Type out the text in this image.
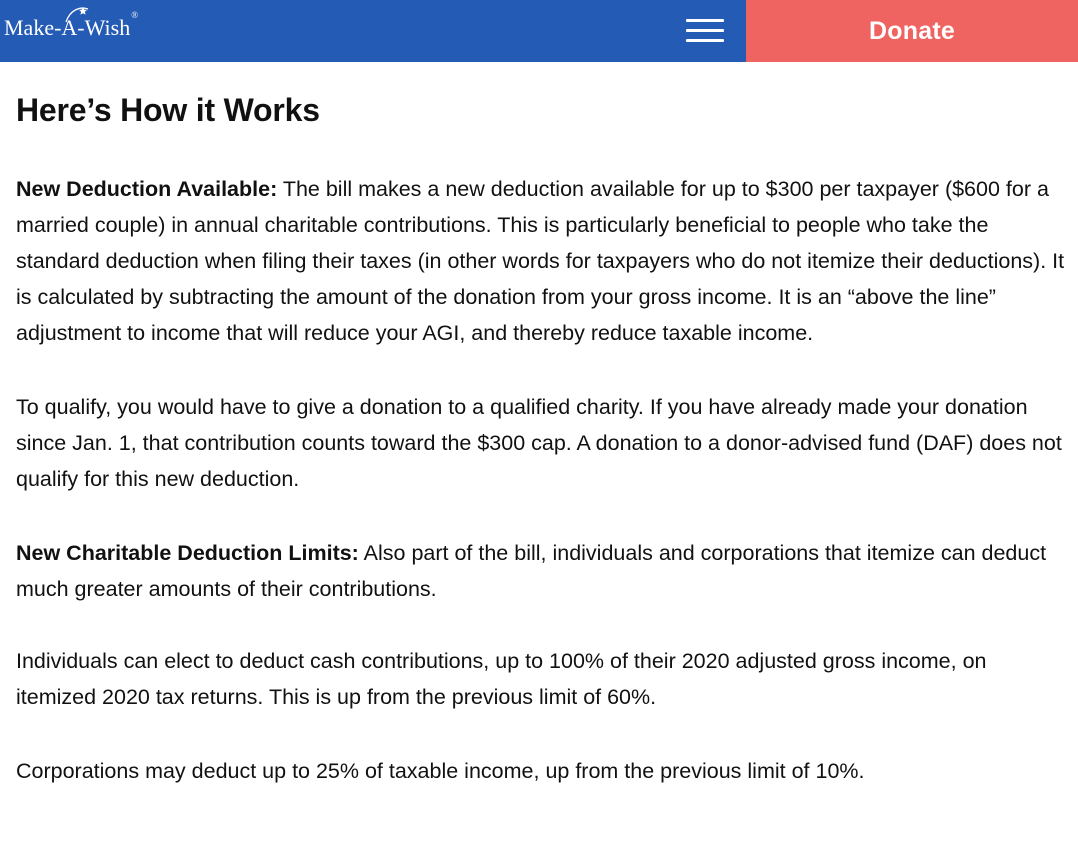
Make-A-Wish®
Donate
Here’s How it Works

New Deduction Available: The bill makes a new deduction available for up to $300 per taxpayer ($600 for a married couple) in annual charitable contributions. This is particularly beneficial to people who take the standard deduction when filing their taxes (in other words for taxpayers who do not itemize their deductions). It is calculated by subtracting the amount of the donation from your gross income. It is an “above the line” adjustment to income that will reduce your AGI, and thereby reduce taxable income.

To qualify, you would have to give a donation to a qualified charity. If you have already made your donation since Jan. 1, that contribution counts toward the $300 cap. A donation to a donor-advised fund (DAF) does not qualify for this new deduction.

New Charitable Deduction Limits: Also part of the bill, individuals and corporations that itemize can deduct much greater amounts of their contributions.

Individuals can elect to deduct cash contributions, up to 100% of their 2020 adjusted gross income, on itemized 2020 tax returns. This is up from the previous limit of 60%.

Corporations may deduct up to 25% of taxable income, up from the previous limit of 10%.
